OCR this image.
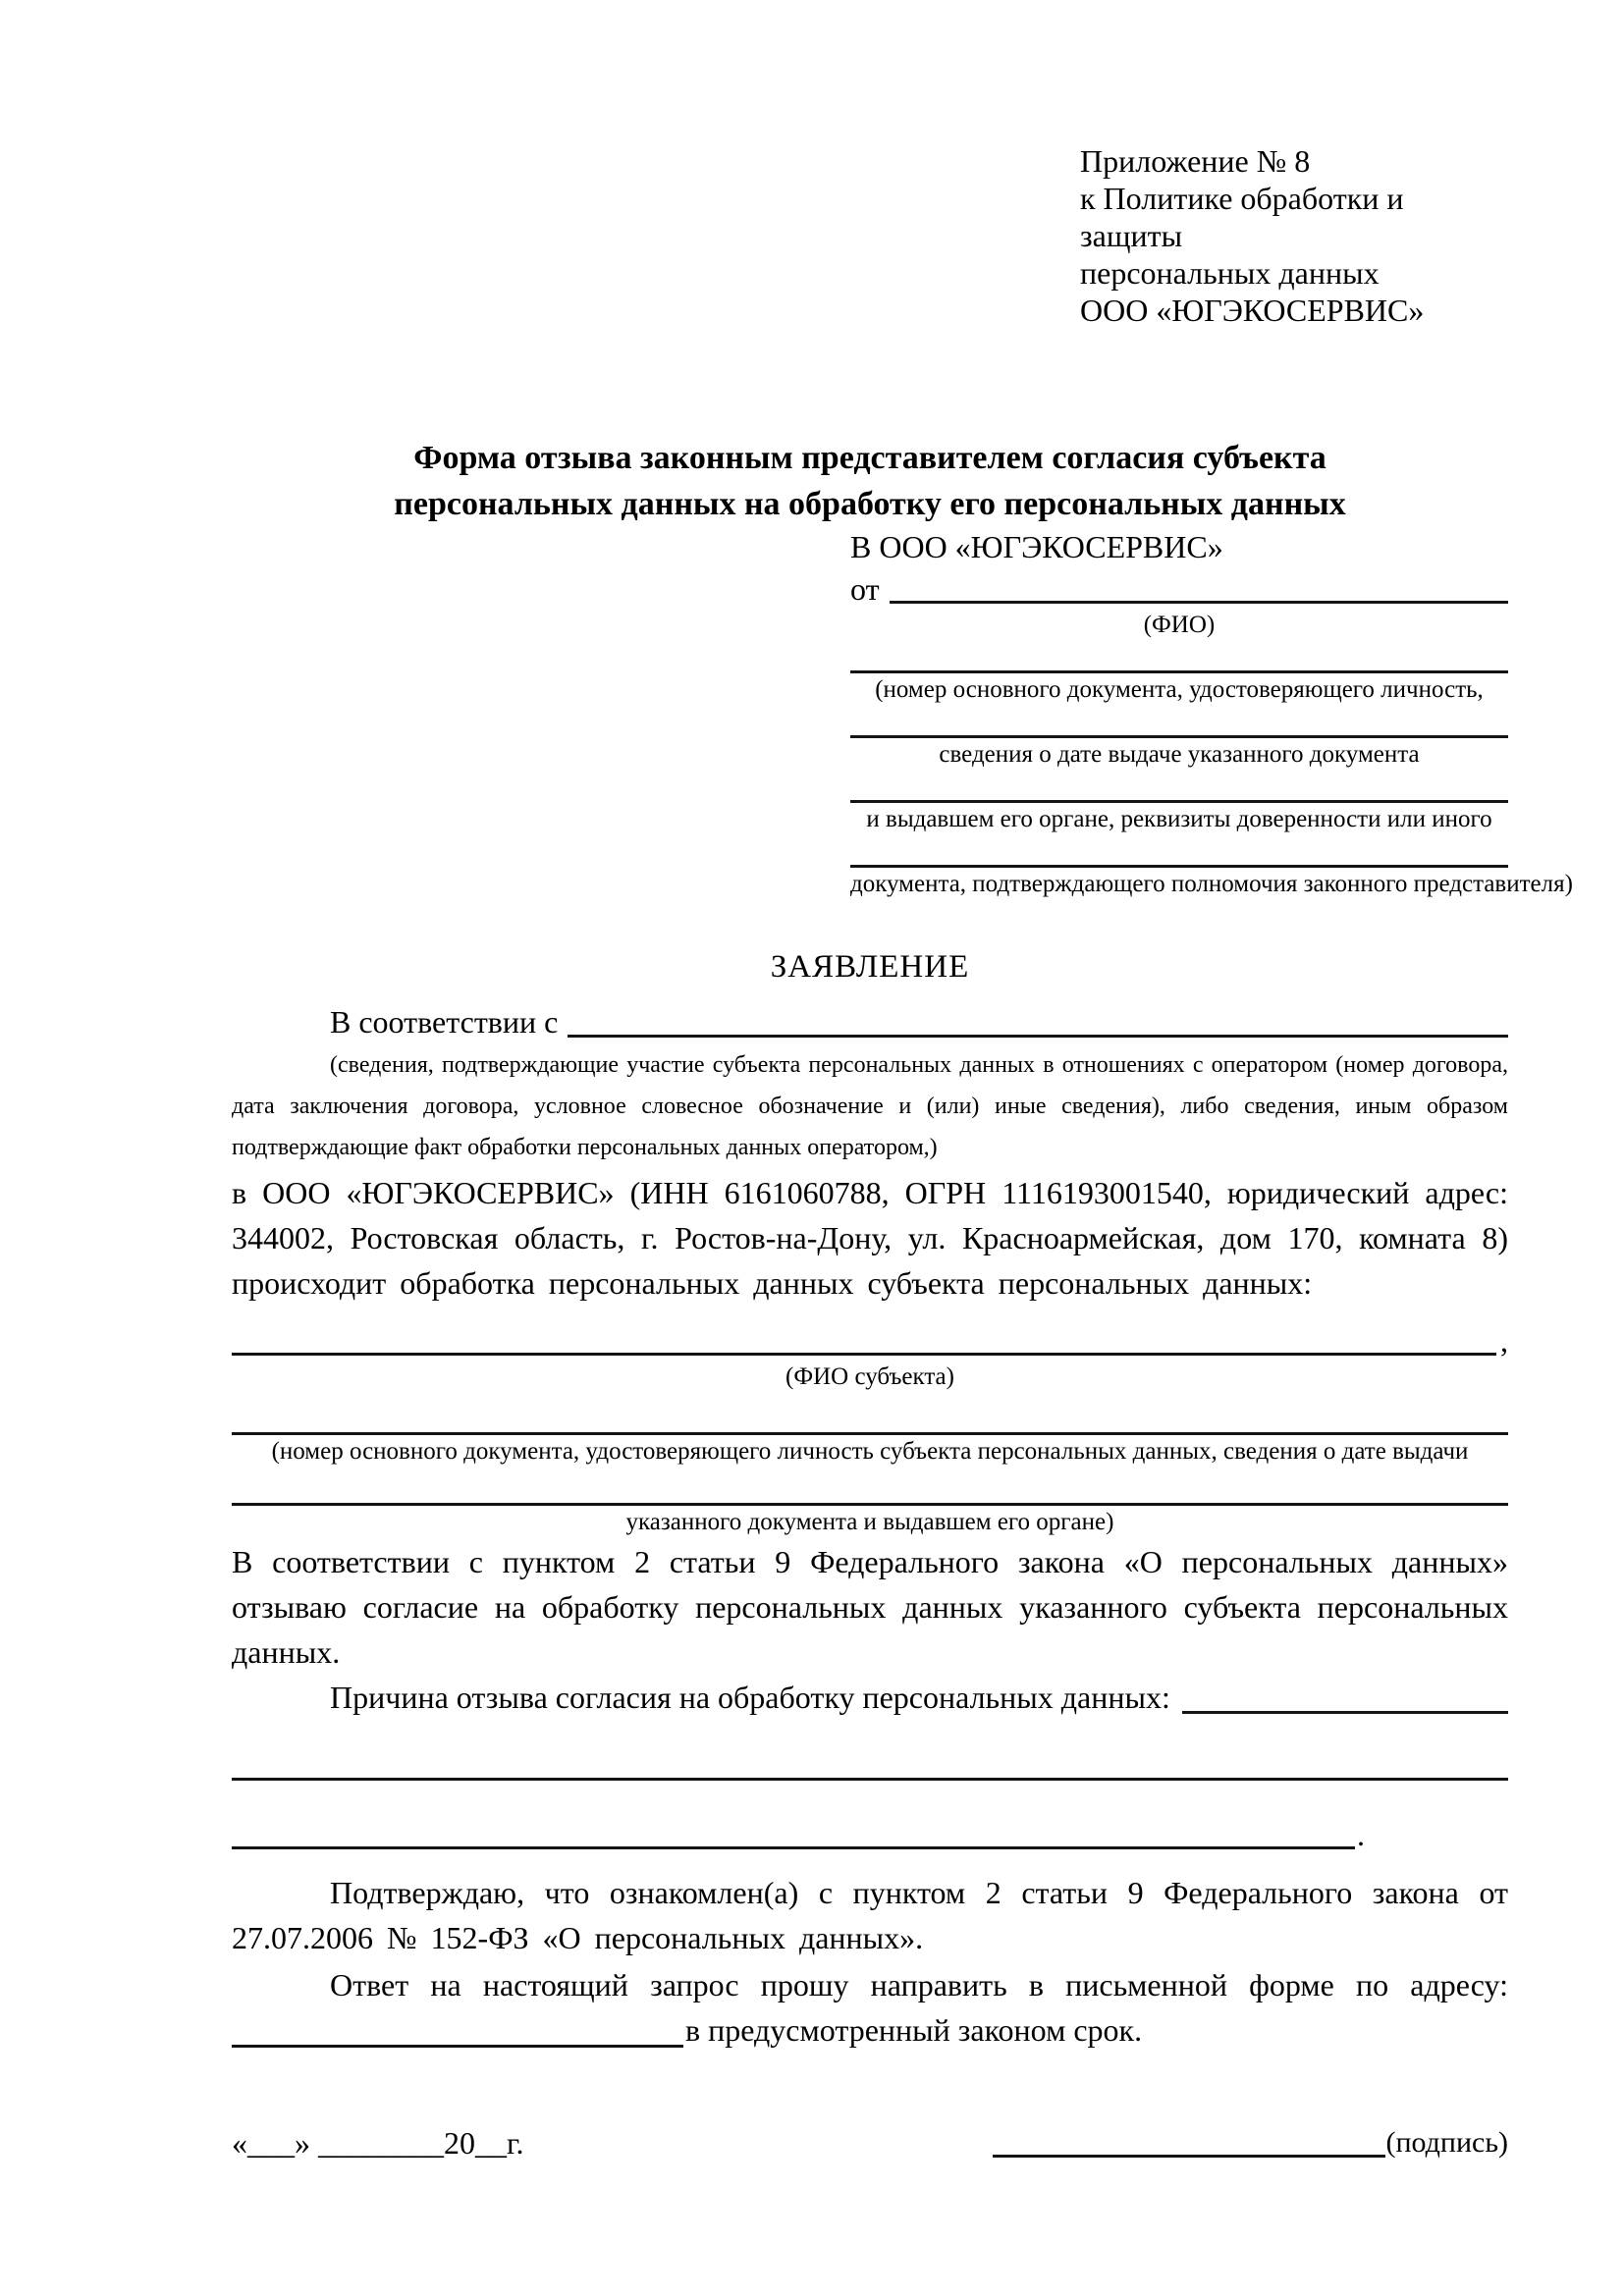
Приложение № 8
к Политике обработки и защиты
персональных данных
ООО «ЮГЭКОСЕРВИС»
Форма отзыва законным представителем согласия субъекта
персональных данных на обработку его персональных данных
В ООО «ЮГЭКОСЕРВИС»
от
(ФИО)
(номер основного документа, удостоверяющего личность,
сведения о дате выдаче указанного документа
и выдавшем его органе, реквизиты доверенности или иного
документа, подтверждающего полномочия законного представителя)
ЗАЯВЛЕНИЕ
В соответствии с
(сведения, подтверждающие участие субъекта персональных данных в отношениях с оператором (номер договора, дата заключения договора, условное словесное обозначение и (или) иные сведения), либо сведения, иным образом подтверждающие факт обработки персональных данных оператором,)

в ООО «ЮГЭКОСЕРВИС» (ИНН 6161060788, ОГРН 1116193001540, юридический адрес: 344002, Ростовская область, г. Ростов-на-Дону, ул. Красноармейская, дом 170, комната 8) происходит обработка персональных данных субъекта персональных данных:

,
(ФИО субъекта)
(номер основного документа, удостоверяющего личность субъекта персональных данных, сведения о дате выдачи
указанного документа и выдавшем его органе)

В соответствии с пунктом 2 статьи 9 Федерального закона «О персональных данных» отзываю согласие на обработку персональных данных указанного субъекта персональных данных.

Причина отзыва согласия на обработку персональных данных:
.

Подтверждаю, что ознакомлен(а) с пунктом 2 статьи 9 Федерального закона от 27.07.2006 № 152-ФЗ «О персональных данных».

Ответ на настоящий запрос прошу направить в письменной форме по адресу:

в предусмотренный законом срок.
«___» ________20__г.	(подпись)
